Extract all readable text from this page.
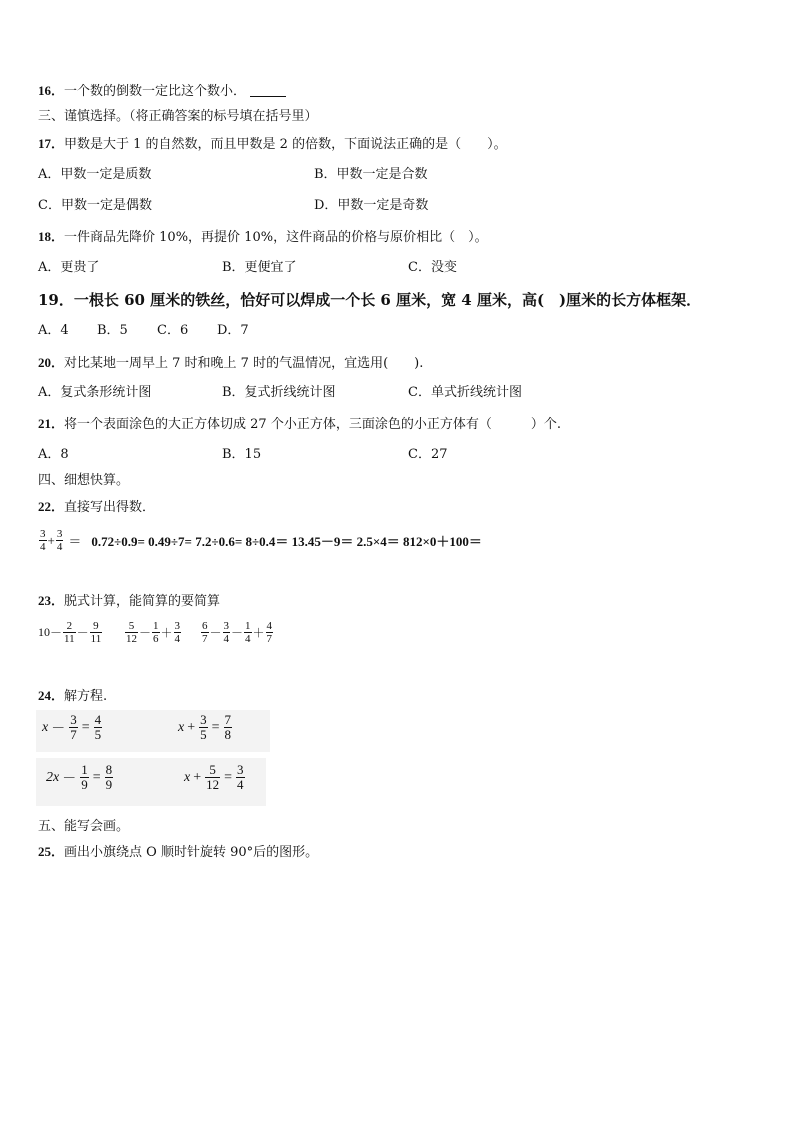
16．一个数的倒数一定比这个数小．
三、谨慎选择。（将正确答案的标号填在括号里）
17．甲数是大于 1 的自然数，而且甲数是 2 的倍数，下面说法正确的是（　　）。
A．甲数一定是质数	B．甲数一定是合数
C．甲数一定是偶数	D．甲数一定是奇数
18．一件商品先降价 10%，再提价 10%，这件商品的价格与原价相比（　）。
A．更贵了	B．更便宜了	C．没变
19．一根长 60 厘米的铁丝，恰好可以焊成一个长 6 厘米，宽 4 厘米，高(　)厘米的长方体框架．
A．4 B．5 C．6 D．7
20．对比某地一周早上 7 时和晚上 7 时的气温情况，宜选用(　　).
A．复式条形统计图	B．复式折线统计图	C．单式折线统计图
21．将一个表面涂色的大正方体切成 27 个小正方体，三面涂色的小正方体有（　　　）个.
A．8	B．15	C．27
四、细想快算。
22．直接写出得数．
$\frac{3}{4} + \frac{3}{4} = 0.72\div 0.9= 0.49\div 7= 7.2\div 0.6= 8\div 0.4= 13.45-9= 2.5\times 4= 812\times 0+100=$
23．脱式计算，能简算的要简算
$10 - \frac{2}{11} - \frac{9}{11} \frac{5}{12} - \frac{1}{6} + \frac{3}{4} \frac{6}{7} - \frac{3}{4} - \frac{1}{4} + \frac{4}{7}$
24．解方程.
$x - \frac{3}{7} = \frac{4}{5}$	$x + \frac{3}{5} = \frac{7}{8}$
$2x - \frac{1}{9} = \frac{8}{9}$	$x + \frac{5}{12} = \frac{3}{4}$
五、能写会画。
25．画出小旗绕点 O 顺时针旋转 90°后的图形。
